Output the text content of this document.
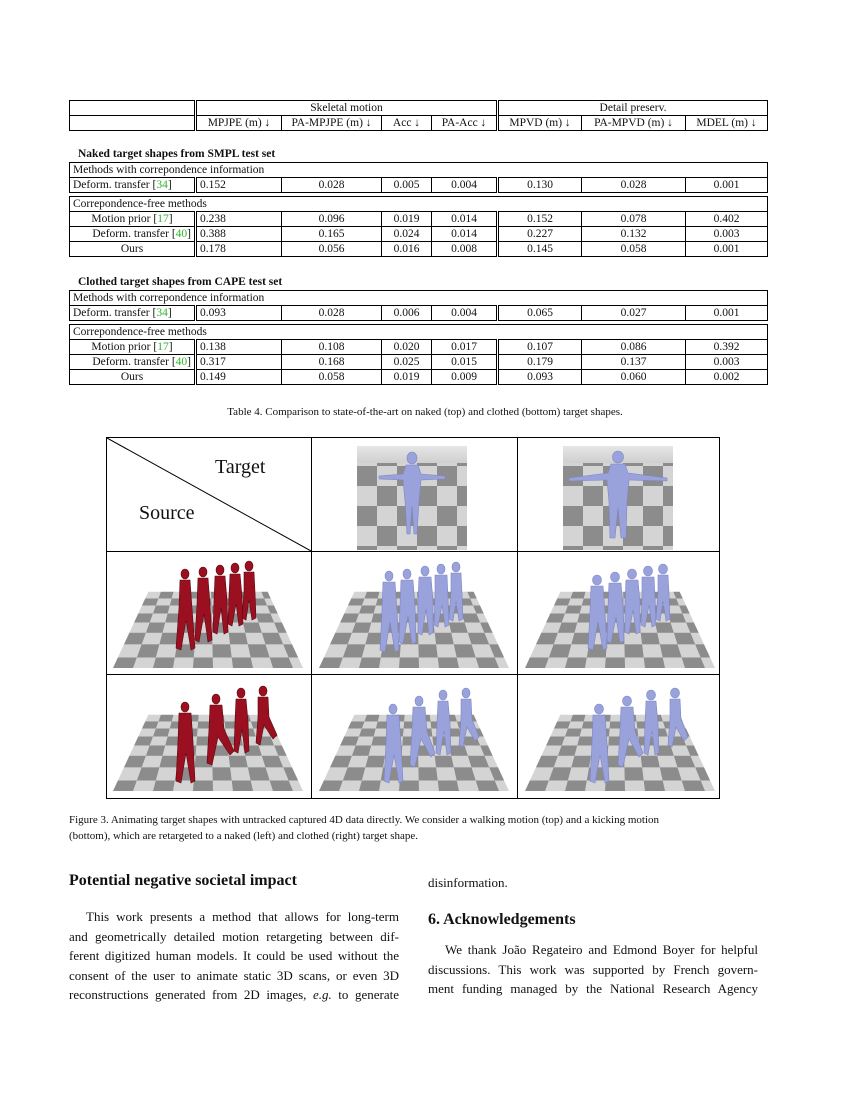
	Skeletal motion				Detail preserv.		
	MPJPE (m) ↓	PA-MPJPE (m) ↓	Acc ↓	PA-Acc ↓	MPVD (m) ↓	PA-MPVD (m) ↓	MDEL (m) ↓
Naked target shapes from SMPL test set
Methods with correpondence information
Deform. transfer [34]	0.152	0.028	0.005	0.004	0.130	0.028	0.001
Correpondence-free methods							
Motion prior [17]	0.238	0.096	0.019	0.014	0.152	0.078	0.402
Deform. transfer [40]	0.388	0.165	0.024	0.014	0.227	0.132	0.003
Ours	0.178	0.056	0.016	0.008	0.145	0.058	0.001
Clothed target shapes from CAPE test set
Methods with correpondence information
Deform. transfer [34]	0.093	0.028	0.006	0.004	0.065	0.027	0.001
Correpondence-free methods							
Motion prior [17]	0.138	0.108	0.020	0.017	0.107	0.086	0.392
Deform. transfer [40]	0.317	0.168	0.025	0.015	0.179	0.137	0.003
Ours	0.149	0.058	0.019	0.009	0.093	0.060	0.002
Table 4. Comparison to state-of-the-art on naked (top) and clothed (bottom) target shapes.
Target
Source
Figure 3. Animating target shapes with untracked captured 4D data directly. We consider a walking motion (top) and a kicking motion
(bottom), which are retargeted to a naked (left) and clothed (right) target shape.
Potential negative societal impact
This work presents a method that allows for long-term
and geometrically detailed motion retargeting between dif-
ferent digitized human models. It could be used without the
consent of the user to animate static 3D scans, or even 3D
reconstructions generated from 2D images, e.g. to generate
disinformation.
6. Acknowledgements
We thank João Regateiro and Edmond Boyer for helpful
discussions. This work was supported by French govern-
ment funding managed by the National Research Agency
